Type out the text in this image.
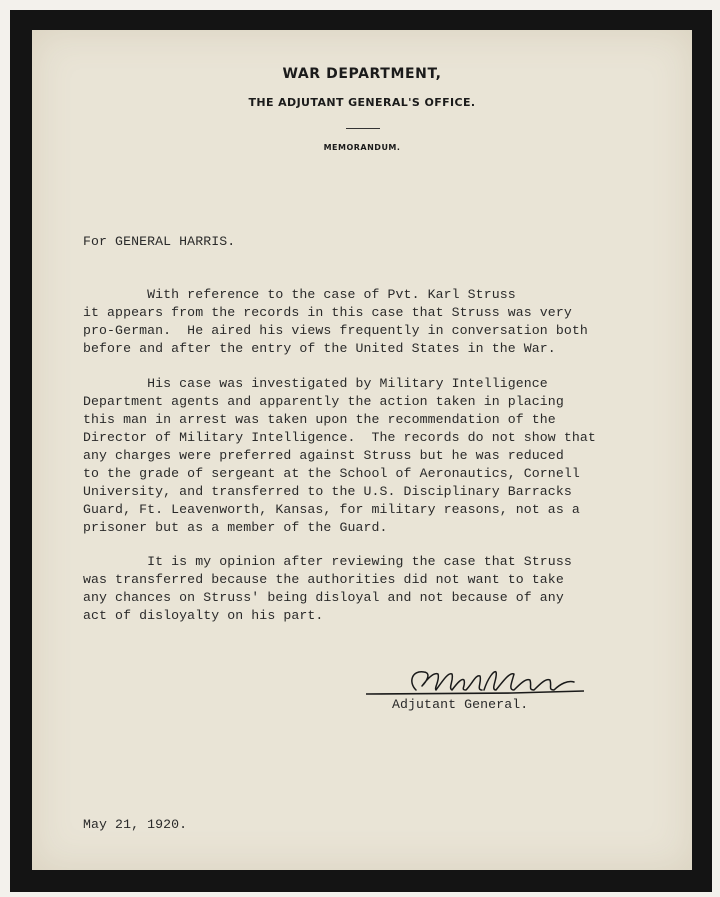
WAR DEPARTMENT,
THE ADJUTANT GENERAL'S OFFICE.
MEMORANDUM.
For GENERAL HARRIS.
With reference to the case of Pvt. Karl Struss
it appears from the records in this case that Struss was very
pro-German.  He aired his views frequently in conversation both
before and after the entry of the United States in the War.
His case was investigated by Military Intelligence
Department agents and apparently the action taken in placing
this man in arrest was taken upon the recommendation of the
Director of Military Intelligence.  The records do not show that
any charges were preferred against Struss but he was reduced
to the grade of sergeant at the School of Aeronautics, Cornell
University, and transferred to the U.S. Disciplinary Barracks
Guard, Ft. Leavenworth, Kansas, for military reasons, not as a
prisoner but as a member of the Guard.
It is my opinion after reviewing the case that Struss
was transferred because the authorities did not want to take
any chances on Struss' being disloyal and not because of any
act of disloyalty on his part.
Adjutant General.
May 21, 1920.
